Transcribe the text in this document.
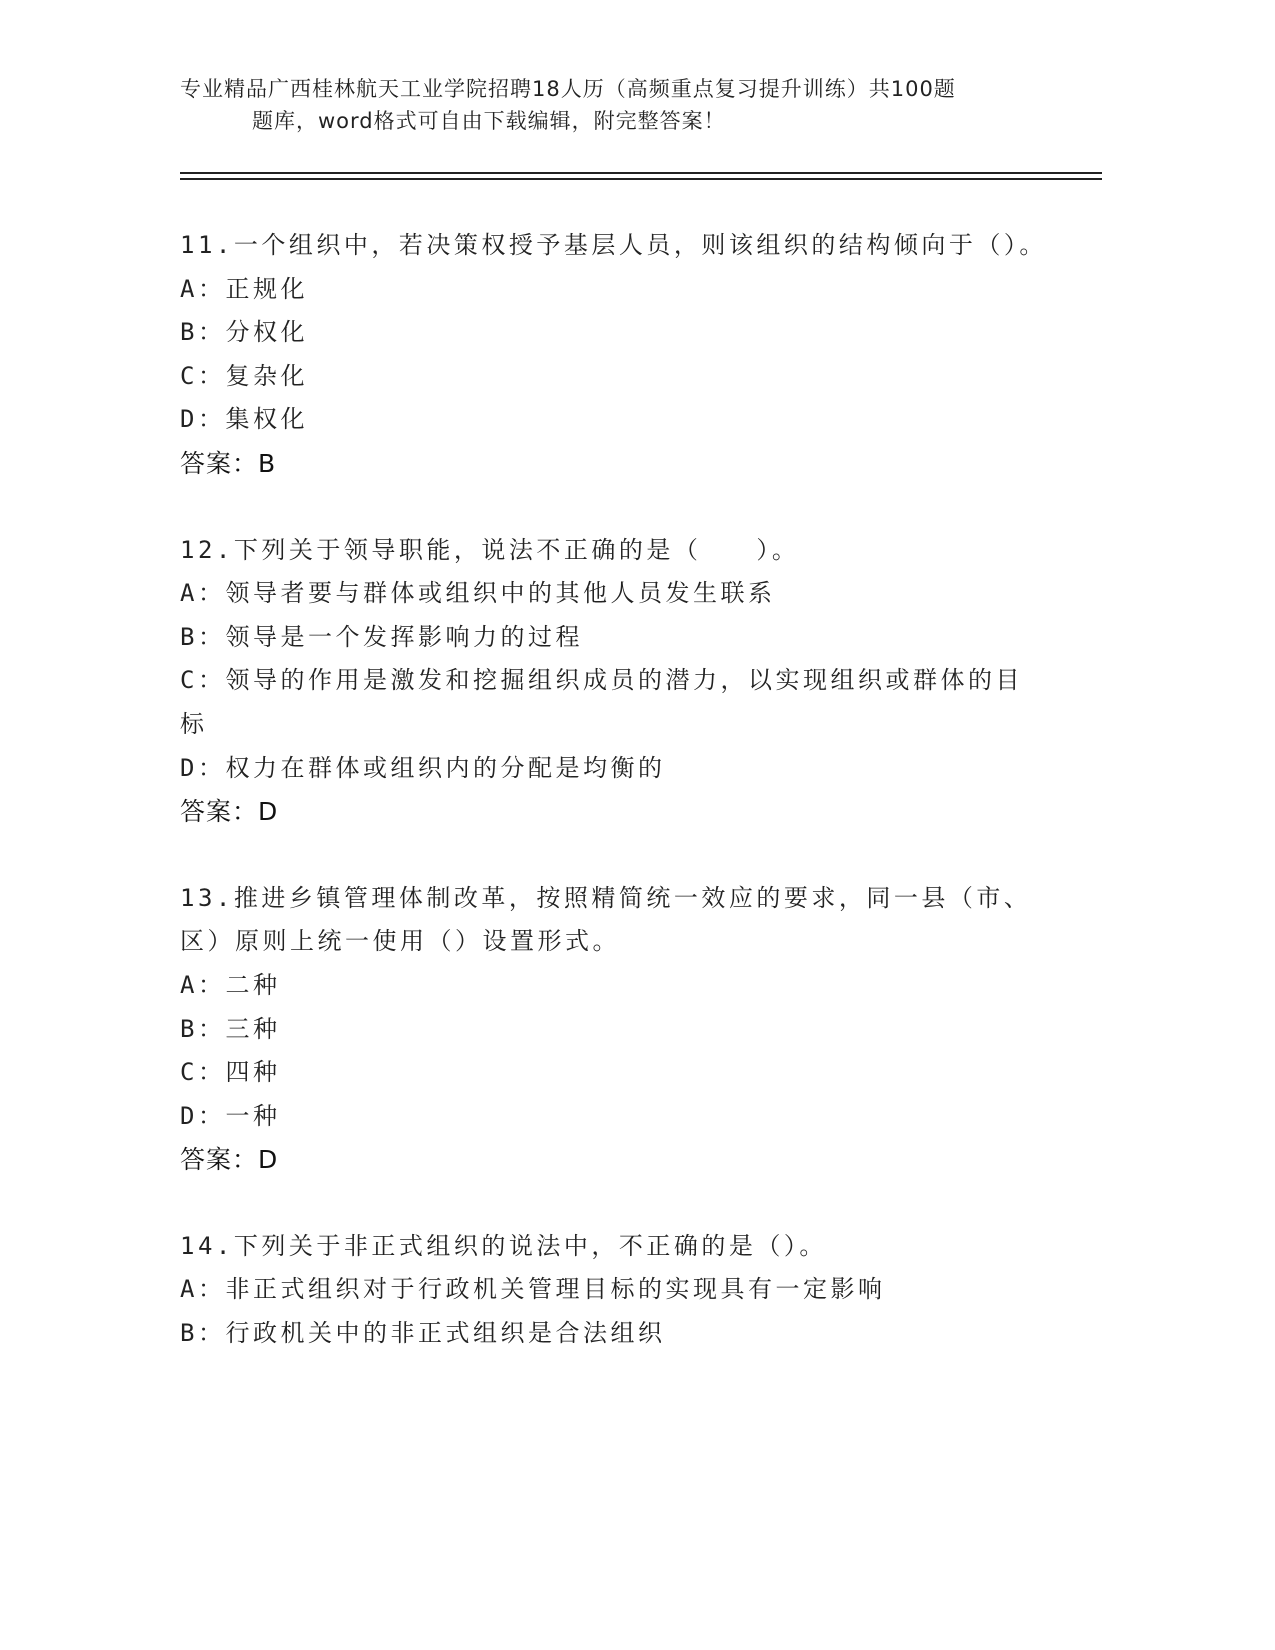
专业精品广西桂林航天工业学院招聘18人历（高频重点复习提升训练）共100题
题库，word格式可自由下载编辑，附完整答案！
11.一个组织中，若决策权授予基层人员，则该组织的结构倾向于（）。
A：正规化
B：分权化
C：复杂化
D：集权化
答案：B
12.下列关于领导职能，说法不正确的是（　　）。
A：领导者要与群体或组织中的其他人员发生联系
B：领导是一个发挥影响力的过程
C：领导的作用是激发和挖掘组织成员的潜力，以实现组织或群体的目标
D：权力在群体或组织内的分配是均衡的
答案：D
13.推进乡镇管理体制改革，按照精简统一效应的要求，同一县（市、区）原则上统一使用（）设置形式。
A：二种
B：三种
C：四种
D：一种
答案：D
14.下列关于非正式组织的说法中，不正确的是（）。
A：非正式组织对于行政机关管理目标的实现具有一定影响
B：行政机关中的非正式组织是合法组织
